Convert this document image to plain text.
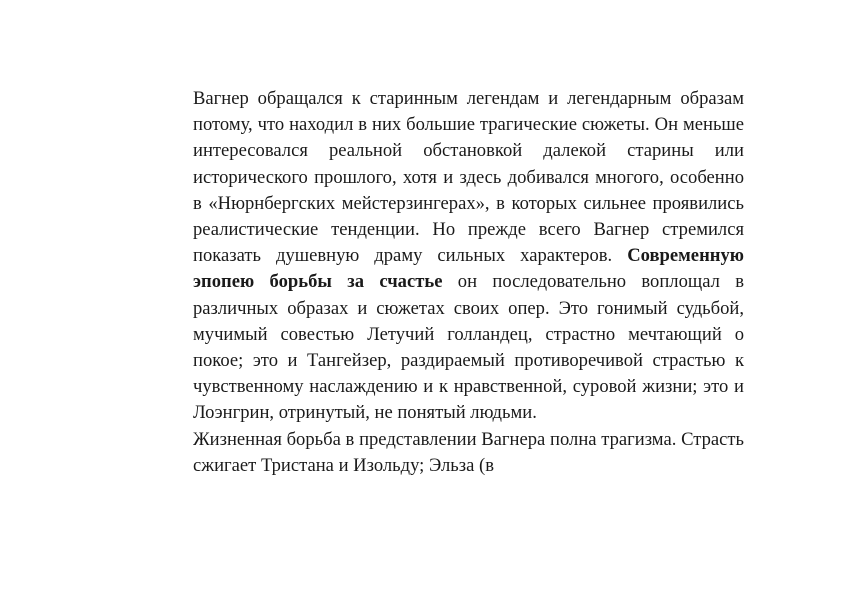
Вагнер обращался к старинным легендам и легендарным образам потому, что находил в них большие трагические сюжеты. Он меньше интересовался реальной обстановкой далекой старины или исторического прошлого, хотя и здесь добивался многого, особенно в «Нюрнбергских мейстерзингерах», в которых сильнее проявились реалистические тенденции. Но прежде всего Вагнер стремился показать душевную драму сильных характеров. Современную эпопею борьбы за счастье он последовательно воплощал в различных образах и сюжетах своих опер. Это гонимый судьбой, мучимый совестью Летучий голландец, страстно мечтающий о покое; это и Тангейзер, раздираемый противоречивой страстью к чувственному наслаждению и к нравственной, суровой жизни; это и Лоэнгрин, отринутый, не понятый людьми.

Жизненная борьба в представлении Вагнера полна трагизма. Страсть сжигает Тристана и Изольду; Эльза (в
